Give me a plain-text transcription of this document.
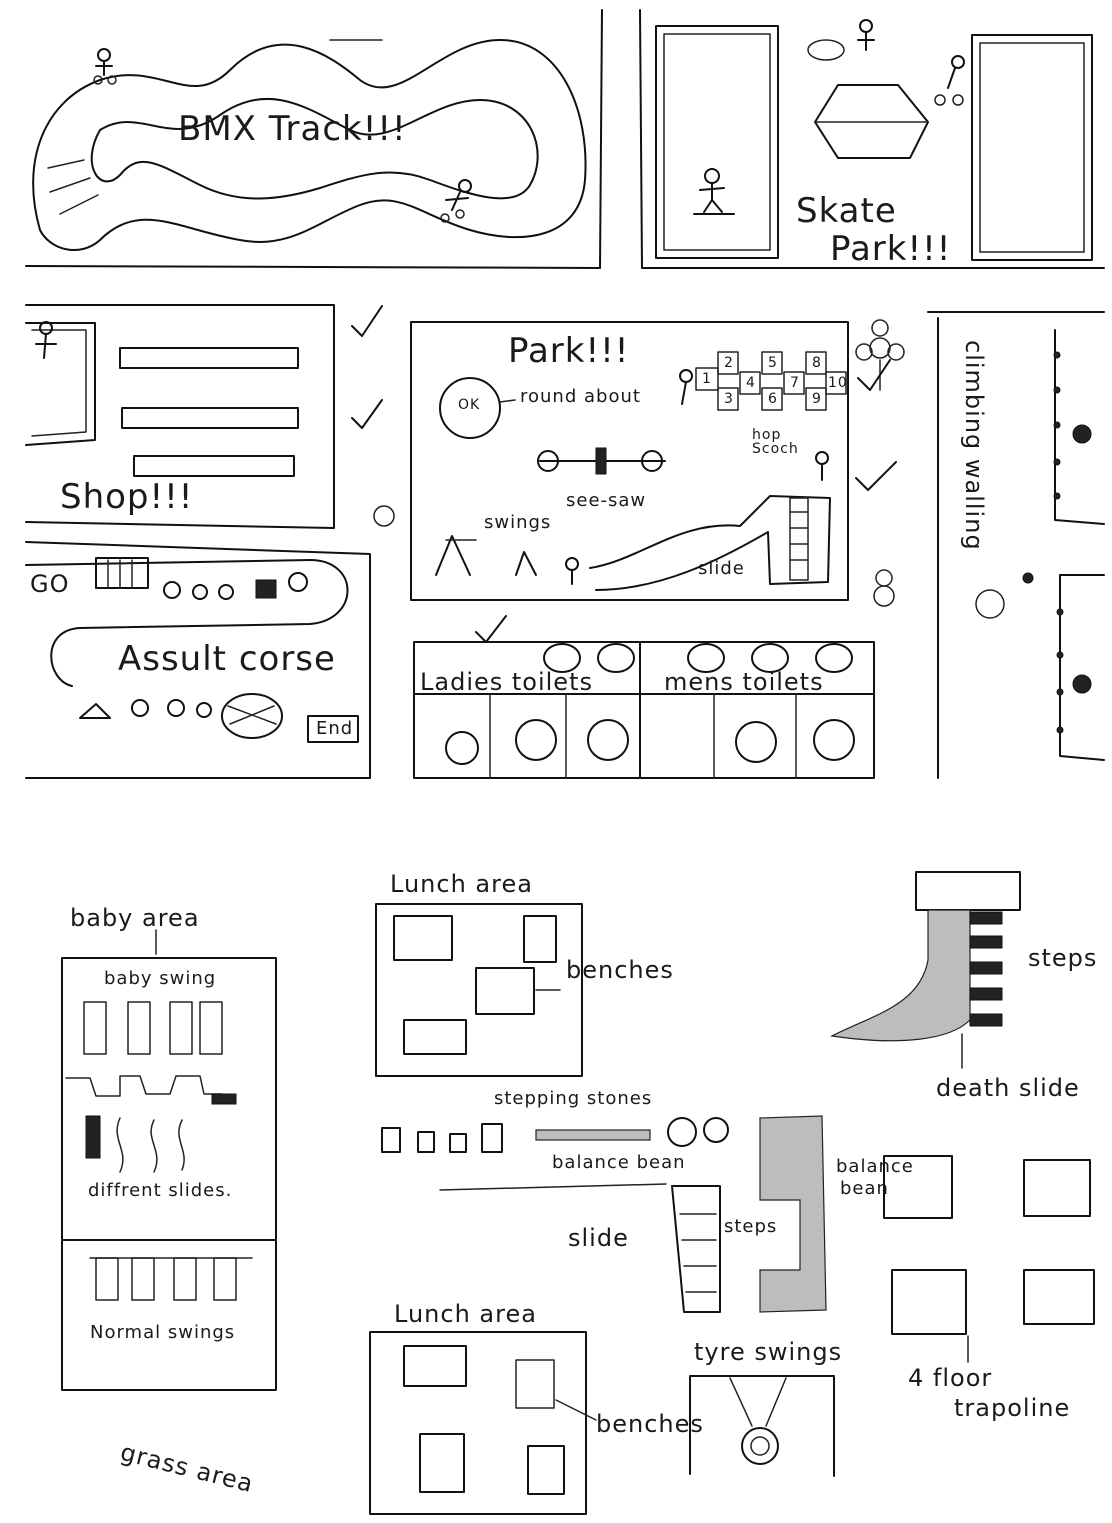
BMX Track!!!
Skate
Park!!!
Shop!!!
Park!!!
OK round about
hop Scoch
2
4
5
7
8
1
3 6 9
10
see-saw
swings
slide
climbing walling
GO
Assult corse
End
Ladies toilets	mens toilets
baby area
baby swing
diffrent slides.
Normal swings
Lunch area
benches
Lunch area
benches
steps
death slide
stepping stones
balance bean	balance
bean
steps
slide
tyre swings
4 floor
trapoline
grass area
